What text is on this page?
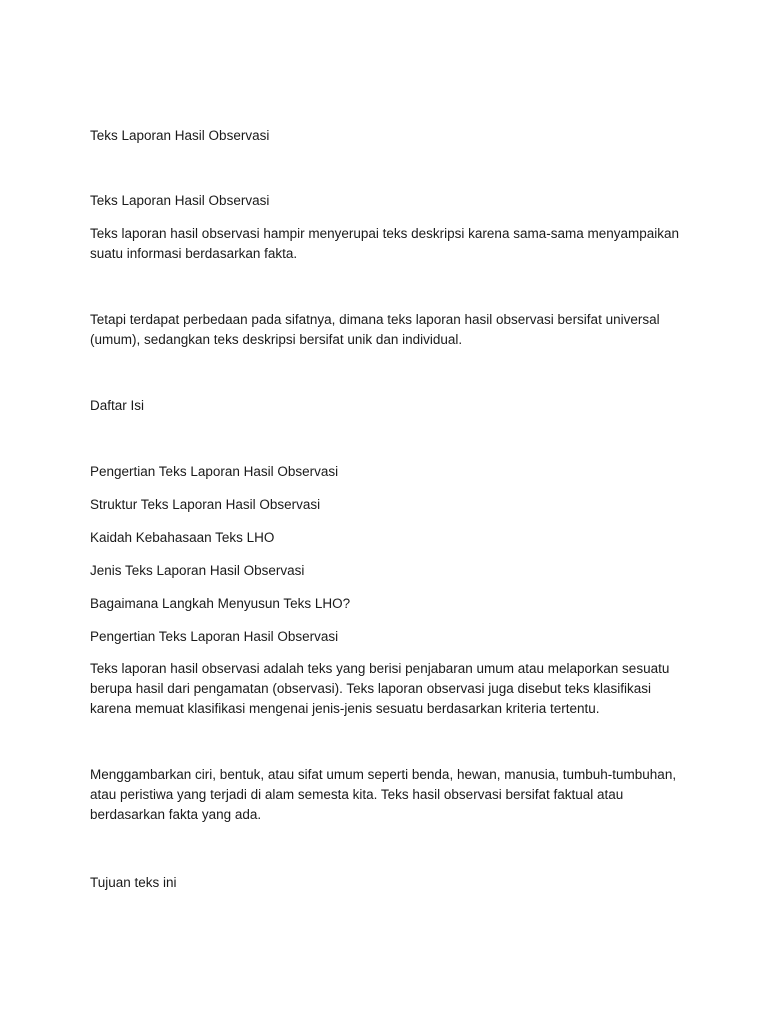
Teks Laporan Hasil Observasi

Teks Laporan Hasil Observasi

Teks laporan hasil observasi hampir menyerupai teks deskripsi karena sama-sama menyampaikan suatu informasi berdasarkan fakta.

Tetapi terdapat perbedaan pada sifatnya, dimana teks laporan hasil observasi bersifat universal (umum), sedangkan teks deskripsi bersifat unik dan individual.

Daftar Isi

Pengertian Teks Laporan Hasil Observasi

Struktur Teks Laporan Hasil Observasi

Kaidah Kebahasaan Teks LHO

Jenis Teks Laporan Hasil Observasi

Bagaimana Langkah Menyusun Teks LHO?

Pengertian Teks Laporan Hasil Observasi

Teks laporan hasil observasi adalah teks yang berisi penjabaran umum atau melaporkan sesuatu berupa hasil dari pengamatan (observasi). Teks laporan observasi juga disebut teks klasifikasi karena memuat klasifikasi mengenai jenis-jenis sesuatu berdasarkan kriteria tertentu.

Menggambarkan ciri, bentuk, atau sifat umum seperti benda, hewan, manusia, tumbuh-tumbuhan, atau peristiwa yang terjadi di alam semesta kita. Teks hasil observasi bersifat faktual atau berdasarkan fakta yang ada.

Tujuan teks ini
